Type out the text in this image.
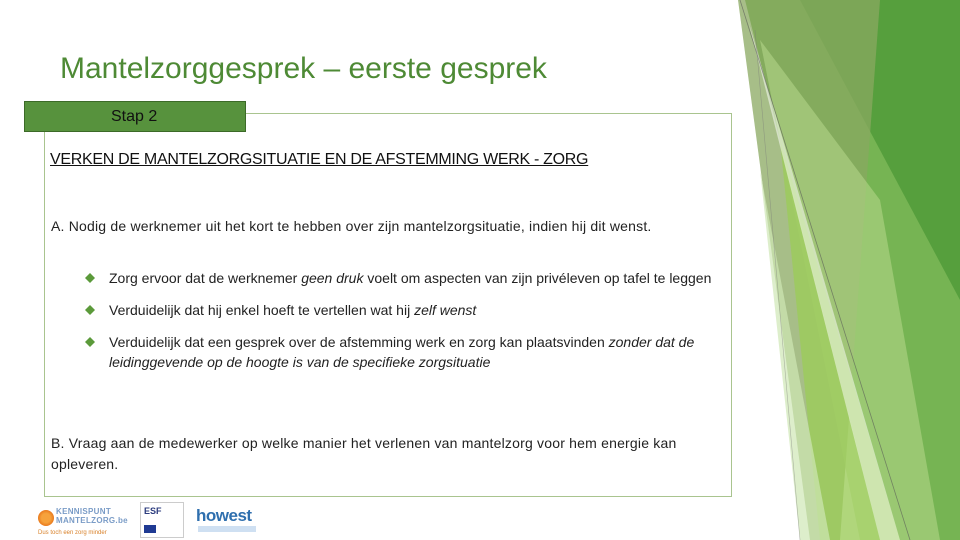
Mantelzorggesprek – eerste gesprek
Stap 2
VERKEN DE MANTELZORGSITUATIE EN DE AFSTEMMING WERK - ZORG

A. Nodig de werknemer uit het kort te hebben over zijn mantelzorgsituatie, indien hij dit wenst.

Zorg ervoor dat de werknemer geen druk voelt om aspecten van zijn privéleven op tafel te leggen
Verduidelijk dat hij enkel hoeft te vertellen wat hij zelf wenst
Verduidelijk dat een gesprek over de afstemming werk en zorg kan plaatsvinden zonder dat de leidinggevende op de hoogte is van de specifieke zorgsituatie

B. Vraag aan de medewerker op welke manier het verlenen van mantelzorg voor hem energie kan opleveren.

KENNISPUNT
MANTELZORG.be
Dus toch een zorg minder
ESF howest
